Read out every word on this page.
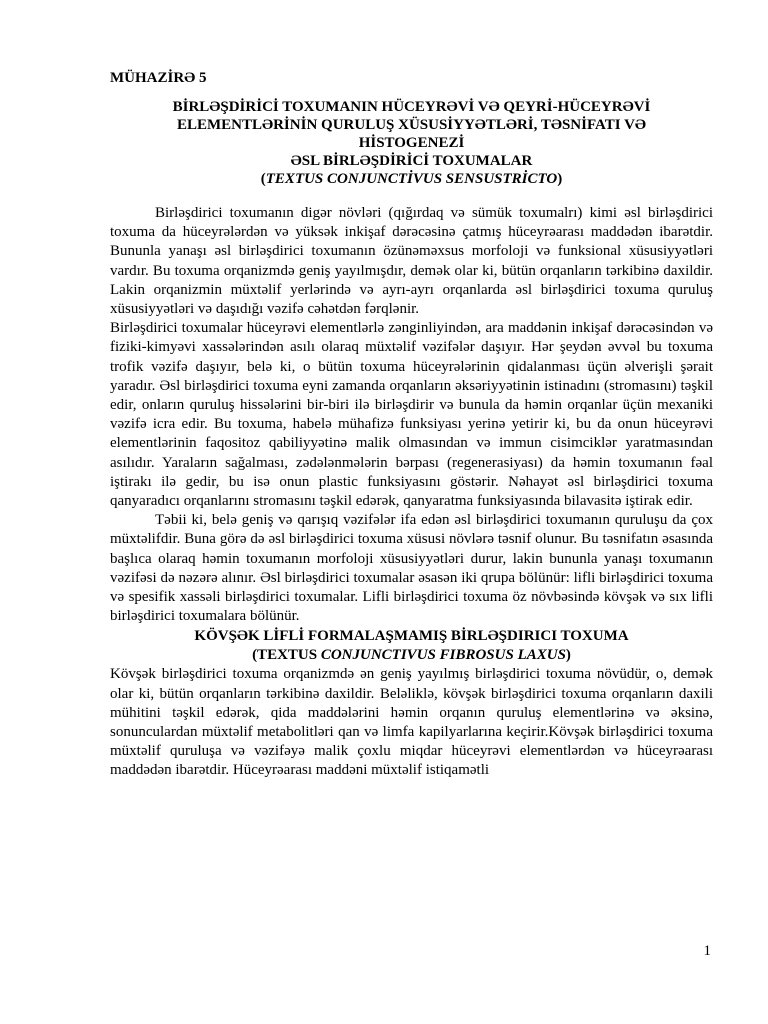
MÜHAZİRƏ 5
BİRLƏŞDİRİCİ TOXUMANIN HÜCEYRƏVİ VƏ QEYRİ-HÜCEYRƏVİ
ELEMENTLƏRİNİN QURULUŞ XÜSUSİYYƏTLƏRİ, TƏSNİFATI VƏ
HİSTOGENEZİ
ƏSL BİRLƏŞDİRİCİ TOXUMALAR
(TEXTUS CONJUNCTİVUS SENSUSTRİCTO)

Birləşdirici toxumanın digər növləri (qığırdaq və sümük toxumalrı) kimi əsl birləşdirici toxuma da hüceyrələrdən və yüksək inkişaf dərəcəsinə çatmış hüceyrəarası maddədən ibarətdir. Bununla yanaşı əsl birləşdirici toxumanın özünəməxsus morfoloji və funksional xüsusiyyətləri vardır. Bu toxuma orqanizmdə geniş yayılmışdır, demək olar ki, bütün orqanların tərkibinə daxildir. Lakin orqanizmin müxtəlif yerlərində və ayrı-ayrı orqanlarda əsl birləşdirici toxuma quruluş xüsusiyyətləri və daşıdığı vəzifə cəhətdən fərqlənir.

Birləşdirici toxumalar hüceyrəvi elementlərlə zənginliyindən, ara maddənin inkişaf dərəcəsindən və fiziki-kimyəvi xassələrindən asılı olaraq müxtəlif vəzifələr daşıyır. Hər şeydən əvvəl bu toxuma trofik vəzifə daşıyır, belə ki, o bütün toxuma hüceyrələrinin qidalanması üçün əlverişli şərait yaradır. Əsl birləşdirici toxuma eyni zamanda orqanların əksəriyyətinin istinadını (stromasını) təşkil edir, onların quruluş hissələrini bir-biri ilə birləşdirir və bunula da həmin orqanlar üçün mexaniki vəzifə icra edir. Bu toxuma, habelə mühafizə funksiyası yerinə yetirir ki, bu da onun hüceyrəvi elementlərinin faqositoz qabiliyyətinə malik olmasından və immun cisimciklər yaratmasından asılıdır. Yaraların sağalması, zədələnmələrin bərpası (regenerasiyası) da həmin toxumanın fəal iştirakı ilə gedir, bu isə onun plastic funksiyasını göstərir. Nəhayət əsl birləşdirici toxuma qanyaradıcı orqanlarını stromasını təşkil edərək, qanyaratma funksiyasında bilavasitə iştirak edir.

Təbii ki, belə geniş və qarışıq vəzifələr ifa edən əsl birləşdirici toxumanın quruluşu da çox müxtəlifdir. Buna görə də əsl birləşdirici toxuma xüsusi növlərə təsnif olunur. Bu təsnifatın əsasında başlıca olaraq həmin toxumanın morfoloji xüsusiyyətləri durur, lakin bununla yanaşı toxumanın vəzifəsi də nəzərə alınır. Əsl birləşdirici toxumalar əsasən iki qrupa bölünür: lifli birləşdirici toxuma və spesifik xassəli birləşdirici toxumalar. Lifli birləşdirici toxuma öz növbəsində kövşək və sıx lifli birləşdirici toxumalara bölünür.

KÖVŞƏK LİFLİ FORMALAŞMAMIŞ BİRLƏŞDIRICI TOXUMA
(TEXTUS CONJUNCTIVUS FIBROSUS LAXUS)

Kövşək birləşdirici toxuma orqanizmdə ən geniş yayılmış birləşdirici toxuma növüdür, o, demək olar ki, bütün orqanların tərkibinə daxildir. Beləliklə, kövşək birləşdirici toxuma orqanların daxili mühitini təşkil edərək, qida maddələrini həmin orqanın quruluş elementlərinə və əksinə, sonunculardan müxtəlif metabolitləri qan və limfa kapilyarlarına keçirir.Kövşək birləşdirici toxuma müxtəlif quruluşa və vəzifəyə malik çoxlu miqdar hüceyrəvi elementlərdən və hüceyrəarası maddədən ibarətdir. Hüceyrəarası maddəni müxtəlif istiqamətli

1
